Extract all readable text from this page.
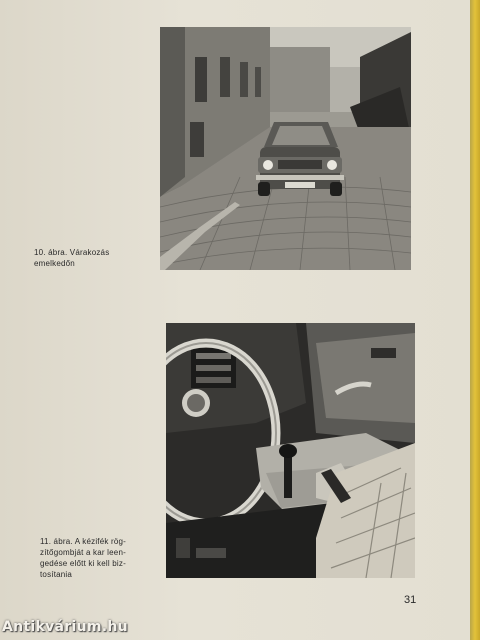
10. ábra. Várakozás
emelkedőn
11. ábra. A kézifék rög-
zítőgombját a kar leen-
gedése előtt ki kell biz-
tosítania
31
Antikvárium.hu
